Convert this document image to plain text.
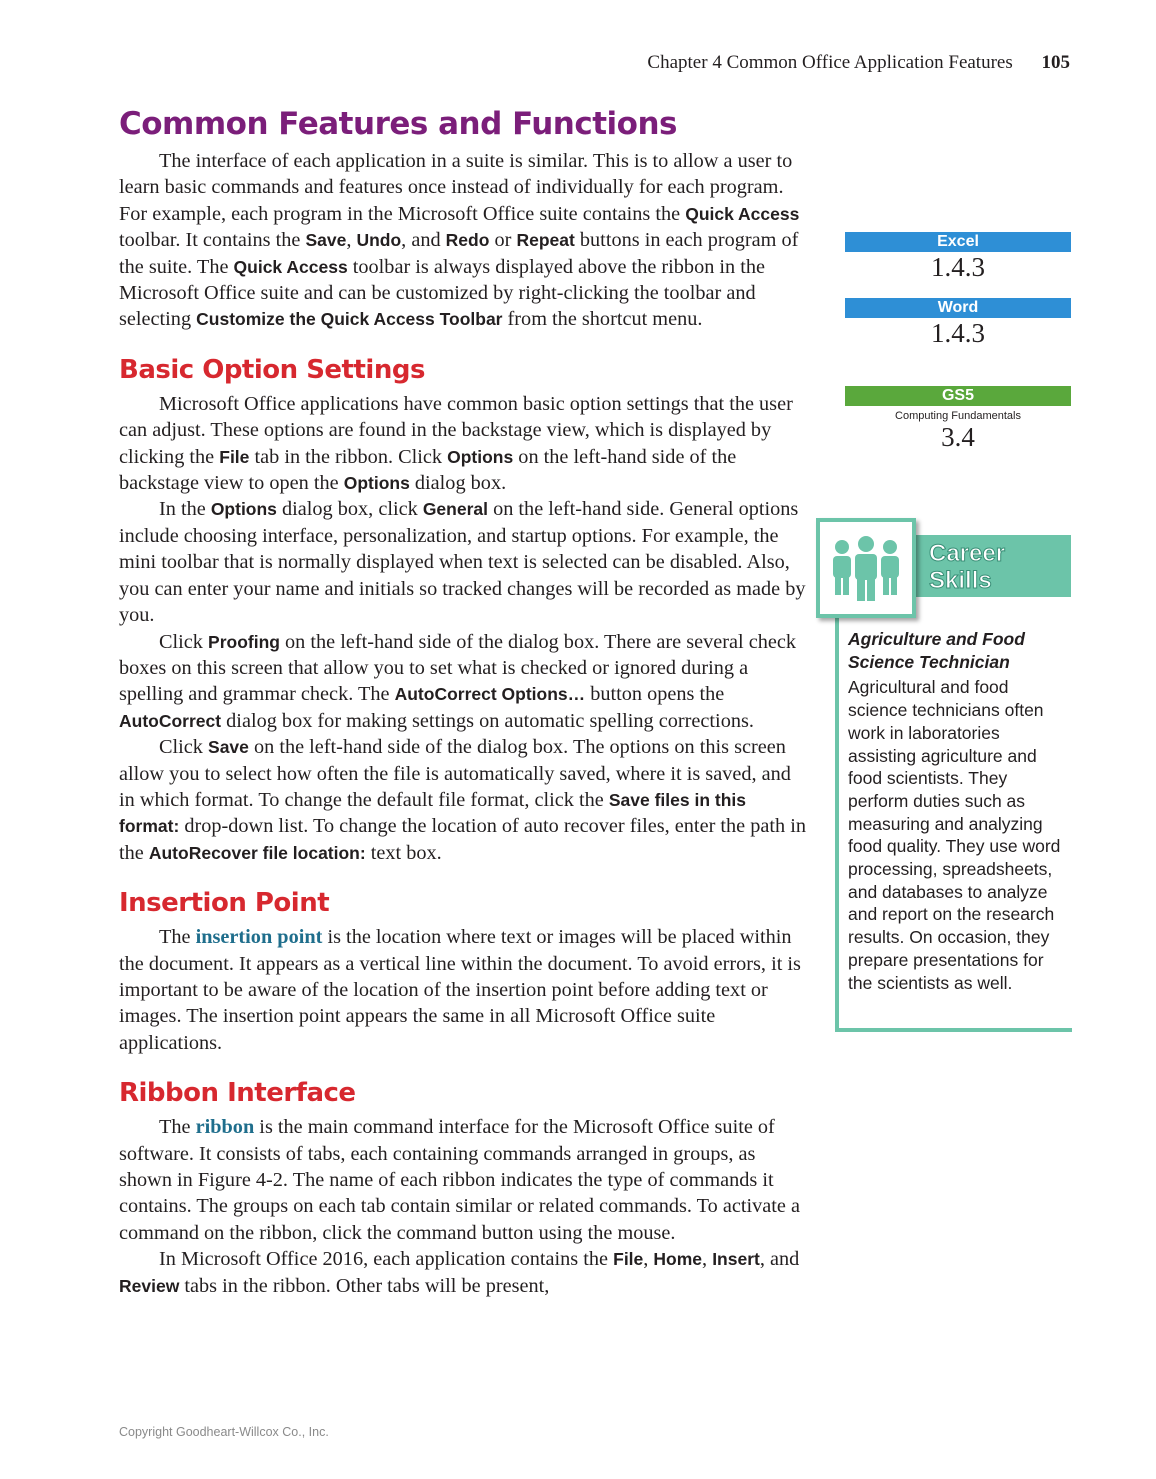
Chapter 4 Common Office Application Features 105
Common Features and Functions

The interface of each application in a suite is similar. This is to allow a user to learn basic commands and features once instead of individually for each program. For example, each program in the Microsoft Office suite contains the Quick Access toolbar. It contains the Save, Undo, and Redo or Repeat buttons in each program of the suite. The Quick Access toolbar is always displayed above the ribbon in the Microsoft Office suite and can be customized by right-clicking the toolbar and selecting Customize the Quick Access Toolbar from the shortcut menu.

Basic Option Settings

Microsoft Office applications have common basic option settings that the user can adjust. These options are found in the backstage view, which is displayed by clicking the File tab in the ribbon. Click Options on the left-hand side of the backstage view to open the Options dialog box.

In the Options dialog box, click General on the left-hand side. General options include choosing interface, personalization, and startup options. For example, the mini toolbar that is normally displayed when text is selected can be disabled. Also, you can enter your name and initials so tracked changes will be recorded as made by you.

Click Proofing on the left-hand side of the dialog box. There are several check boxes on this screen that allow you to set what is checked or ignored during a spelling and grammar check. The AutoCorrect Options… button opens the AutoCorrect dialog box for making settings on automatic spelling corrections.

Click Save on the left-hand side of the dialog box. The options on this screen allow you to select how often the file is automatically saved, where it is saved, and in which format. To change the default file format, click the Save files in this format: drop-down list. To change the location of auto recover files, enter the path in the AutoRecover file location: text box.

Insertion Point

The insertion point is the location where text or images will be placed within the document. It appears as a vertical line within the document. To avoid errors, it is important to be aware of the location of the insertion point before adding text or images. The insertion point appears the same in all Microsoft Office suite applications.

Ribbon Interface

The ribbon is the main command interface for the Microsoft Office suite of software. It consists of tabs, each containing commands arranged in groups, as shown in Figure 4-2. The name of each ribbon indicates the type of commands it contains. The groups on each tab contain similar or related commands. To activate a command on the ribbon, click the command button using the mouse.

In Microsoft Office 2016, each application contains the File, Home, Insert, and Review tabs in the ribbon. Other tabs will be present,

Excel
1.4.3
Word
1.4.3
GS5
Computing Fundamentals
3.4
Career
Skills
Agriculture and Food Science Technician
Agricultural and food science technicians often work in laboratories assisting agriculture and food scientists. They perform duties such as measuring and analyzing food quality. They use word processing, spreadsheets, and databases to analyze and report on the research results. On occasion, they prepare presentations for the scientists as well.
Copyright Goodheart-Willcox Co., Inc.
